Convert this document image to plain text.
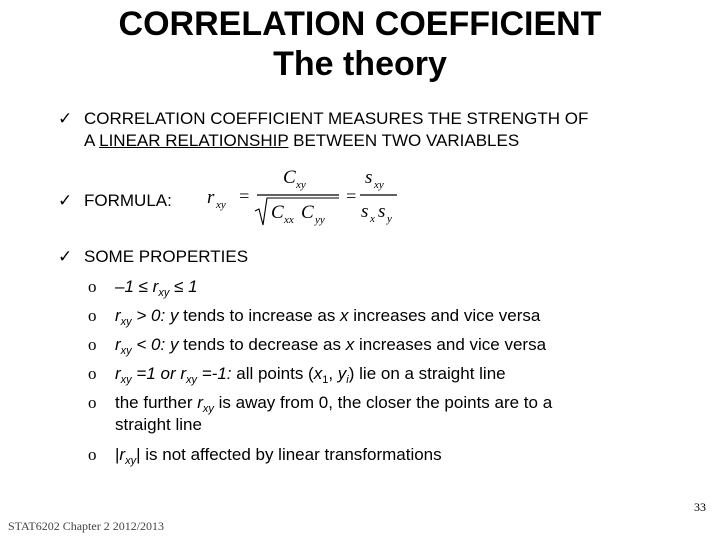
CORRELATION COEFFICIENT
The theory
✓ CORRELATION COEFFICIENT MEASURES THE STRENGTH OF
A LINEAR RELATIONSHIP BETWEEN TWO VARIABLES
✓ FORMULA:	r xy =
C xy
C xx C yy
=
s xy
s x s y
✓ SOME PROPERTIES
o	$-1 \le r_{xy} \le 1$
o	$r_{xy} > 0$: y tends to increase as x increases and vice versa
o	$r_{xy} < 0$: y tends to decrease as x increases and vice versa
o	$r_{xy} =1$ or $r_{xy} =-1$: all points ($x_1$, $y_i$) lie on a straight line
o	the further $r_{xy}$ is away from 0, the closer the points are to a
straight line
o	$|r_{xy}|$ is not affected by linear transformations
33
STAT6202 Chapter 2 2012/2013
